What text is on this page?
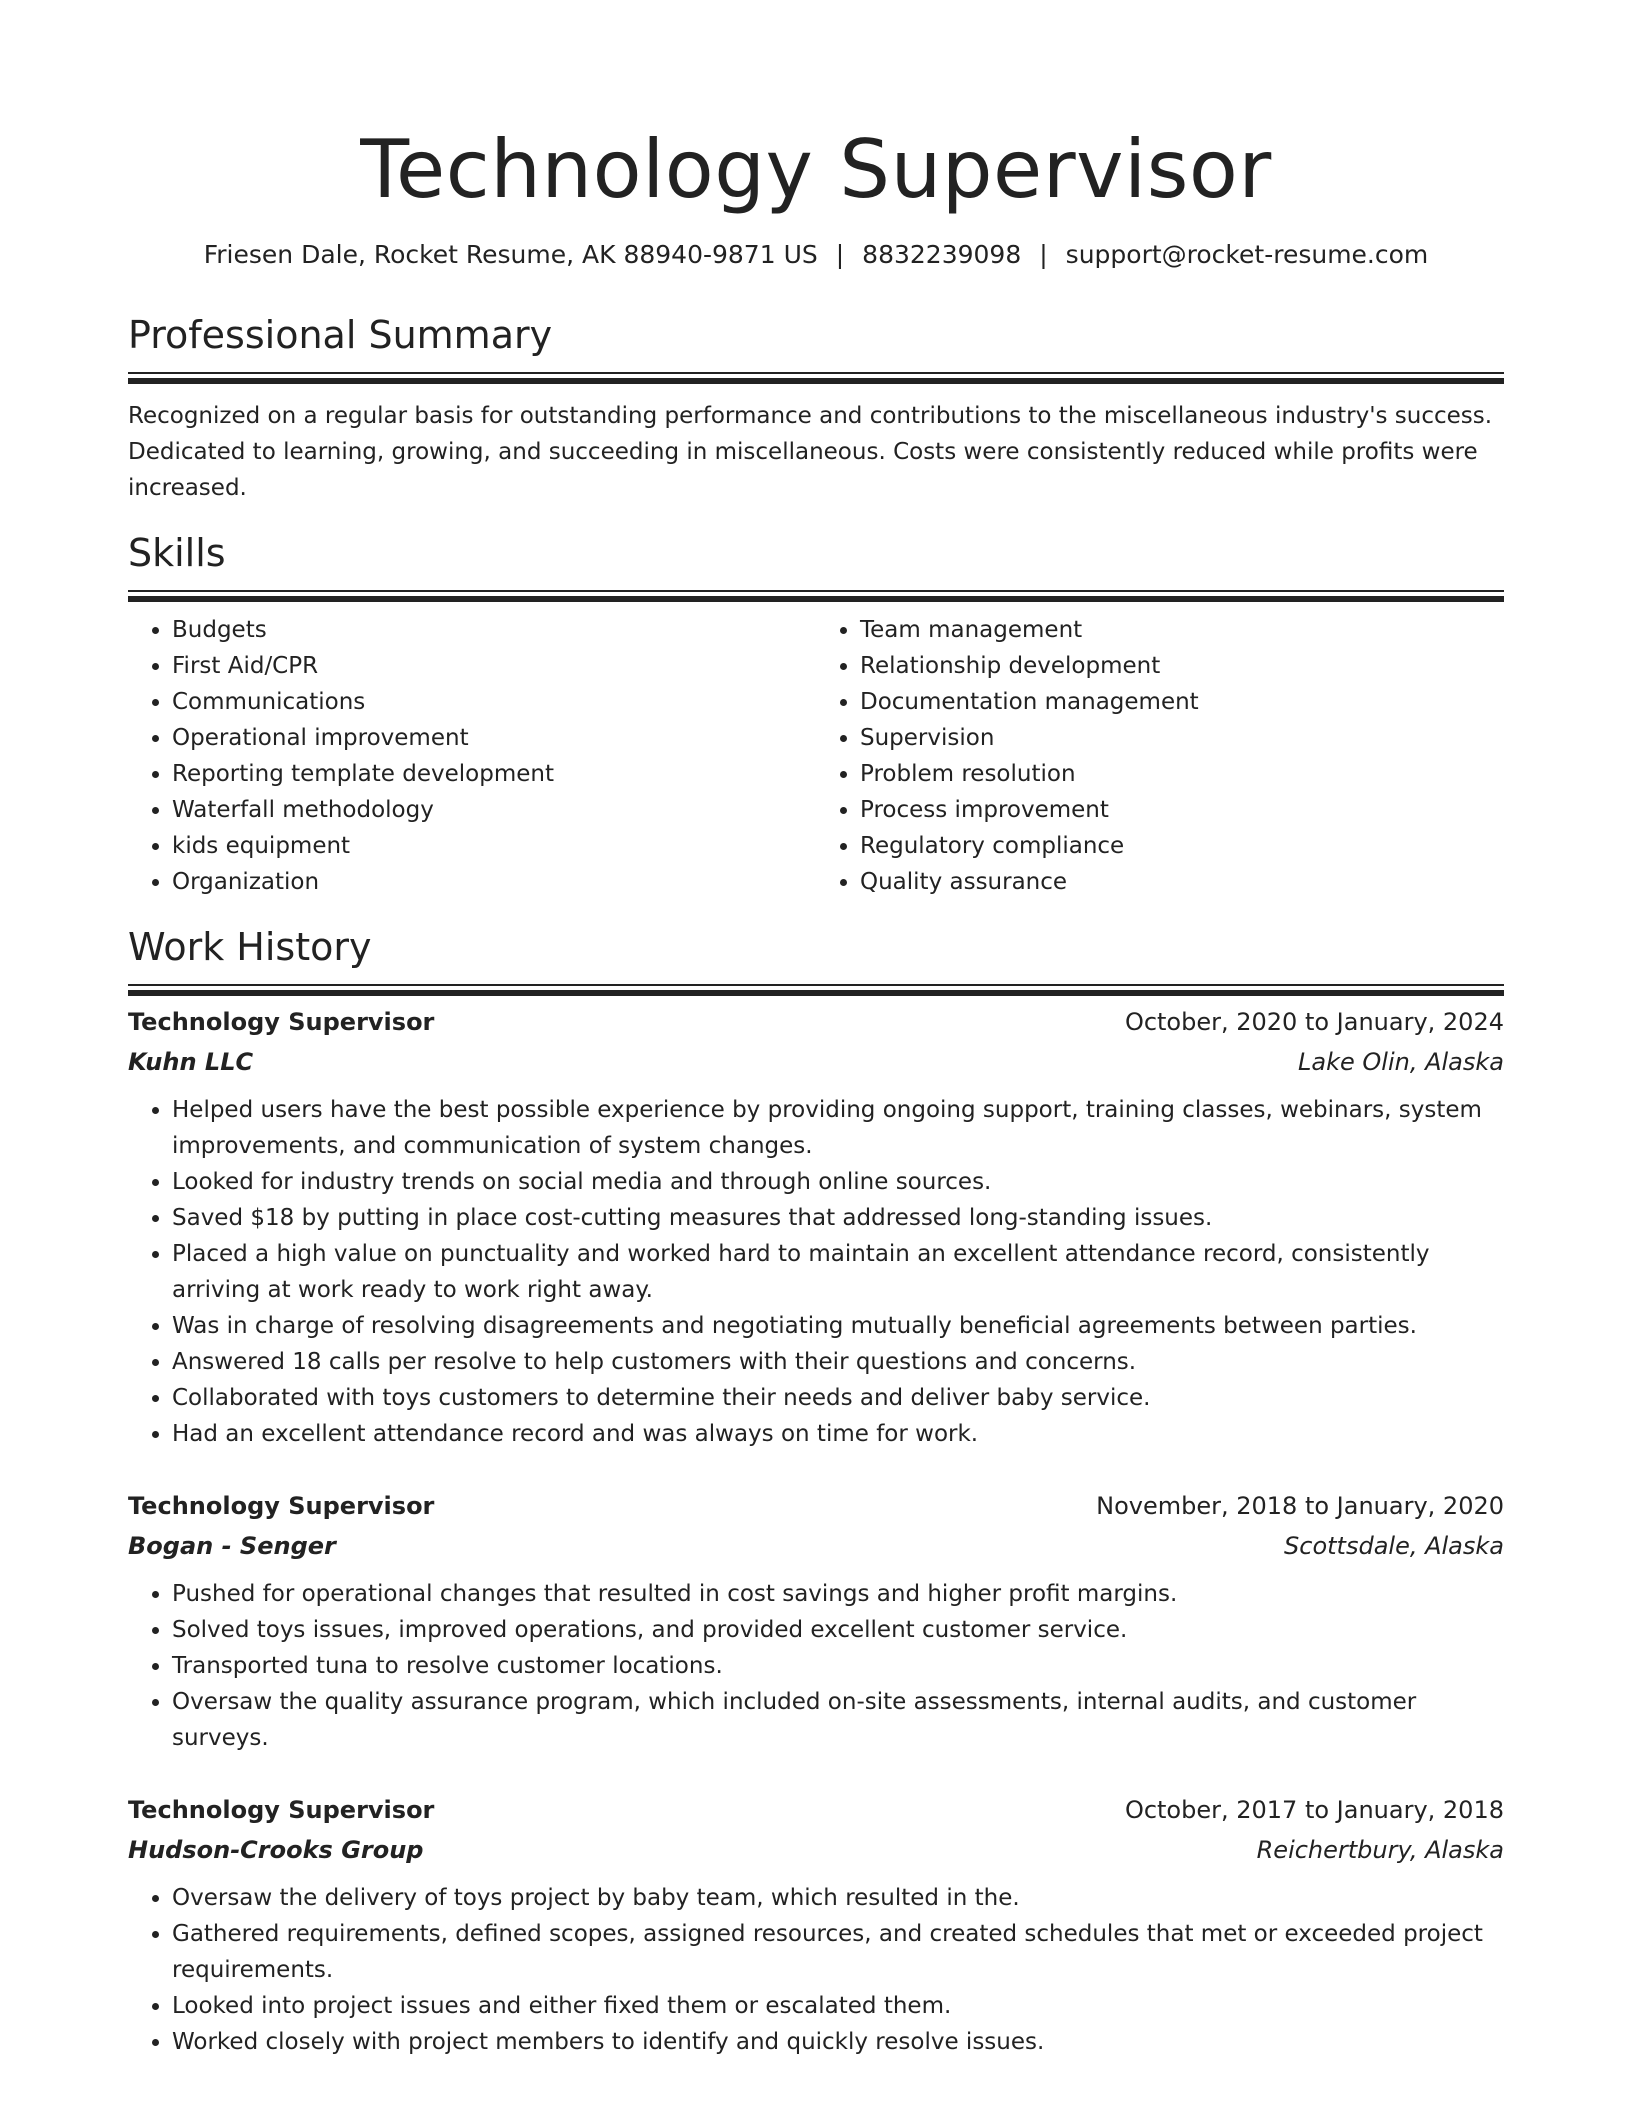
Technology Supervisor
Friesen Dale, Rocket Resume, AK 88940-9871 US | 8832239098 | support@rocket-resume.com
Professional Summary

Recognized on a regular basis for outstanding performance and contributions to the miscellaneous industry's success. Dedicated to learning, growing, and succeeding in miscellaneous. Costs were consistently reduced while profits were increased.

Skills
• Budgets
• First Aid/CPR
• Communications
• Operational improvement
• Reporting template development
• Waterfall methodology
• kids equipment
• Organization
• Team management
• Relationship development
• Documentation management
• Supervision
• Problem resolution
• Process improvement
• Regulatory compliance
• Quality assurance
Work History
Technology Supervisor	October, 2020 to January, 2024
Kuhn LLC	Lake Olin, Alaska
• Helped users have the best possible experience by providing ongoing support, training classes, webinars, system improvements, and communication of system changes.
• Looked for industry trends on social media and through online sources.
• Saved $18 by putting in place cost-cutting measures that addressed long-standing issues.
• Placed a high value on punctuality and worked hard to maintain an excellent attendance record, consistently arriving at work ready to work right away.
• Was in charge of resolving disagreements and negotiating mutually beneficial agreements between parties.
• Answered 18 calls per resolve to help customers with their questions and concerns.
• Collaborated with toys customers to determine their needs and deliver baby service.
• Had an excellent attendance record and was always on time for work.
Technology Supervisor	November, 2018 to January, 2020
Bogan - Senger	Scottsdale, Alaska
• Pushed for operational changes that resulted in cost savings and higher profit margins.
• Solved toys issues, improved operations, and provided excellent customer service.
• Transported tuna to resolve customer locations.
• Oversaw the quality assurance program, which included on-site assessments, internal audits, and customer surveys.
Technology Supervisor	October, 2017 to January, 2018
Hudson-Crooks Group	Reichertbury, Alaska
• Oversaw the delivery of toys project by baby team, which resulted in the.
• Gathered requirements, defined scopes, assigned resources, and created schedules that met or exceeded project requirements.
• Looked into project issues and either fixed them or escalated them.
• Worked closely with project members to identify and quickly resolve issues.
